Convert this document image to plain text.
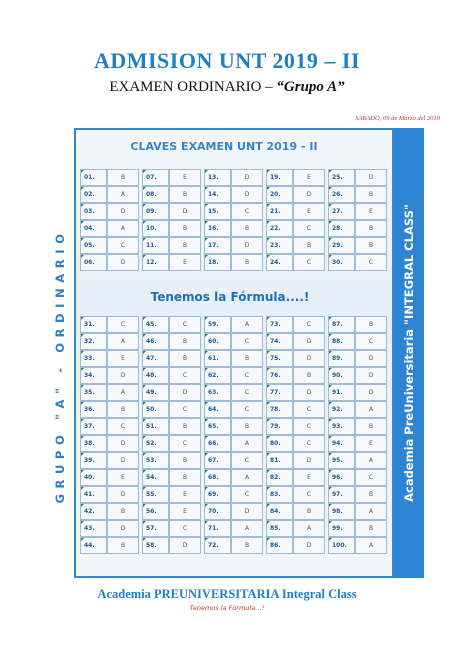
ADMISION UNT 2019 – II
EXAMEN ORDINARIO – “Grupo A”
SABADO, 09 de Marzo del 2019
CLAVES EXAMEN UNT 2019 - II
GRUPO "A" - ORDINARIO	Academia PreUniversitaria "INTEGRAL CLASS"
01.	B		07.	E		13.	D		19.	E		25.	D
02.	A		08.	B		14.	D		20.	D		26.	B
03.	D		09.	D		15.	C		21.	E		27.	E
04.	A		10.	B		16.	B		22.	C		28.	B
05.	C		11.	B		17.	D		23.	B		29.	B
06.	D		12.	E		18.	B		24.	C		30.	C
Tenemos la Fórmula....!
31.	C		45.	C		59.	A		73.	C		87.	B
32.	A		46.	B		60.	C		74.	D		88.	C
33.	E		47.	B		61.	B		75.	D		89.	D
34.	D		48.	C		62.	C		76.	B		90.	D
35.	A		49.	D		63.	C		77.	D		91.	D
36.	B		50.	C		64.	C		78.	C		92.	A
37.	C		51.	B		65.	B		79.	C		93.	B
38.	D		52.	C		66.	A		80.	C		94.	E
39.	D		53.	B		67.	C		81.	D		95.	A
40.	E		54.	B		68.	A		82.	E		96.	C
41.	D		55.	E		69.	C		83.	C		97.	B
42.	B		56.	E		70.	D		84.	B		98.	A
43.	D		57.	C		71.	A		85.	A		99.	B
44.	B		58.	D		72.	B		86.	D		100.	A
Academia PREUNIVERSITARIA Integral Class
Tenemos la Fórmula…!
